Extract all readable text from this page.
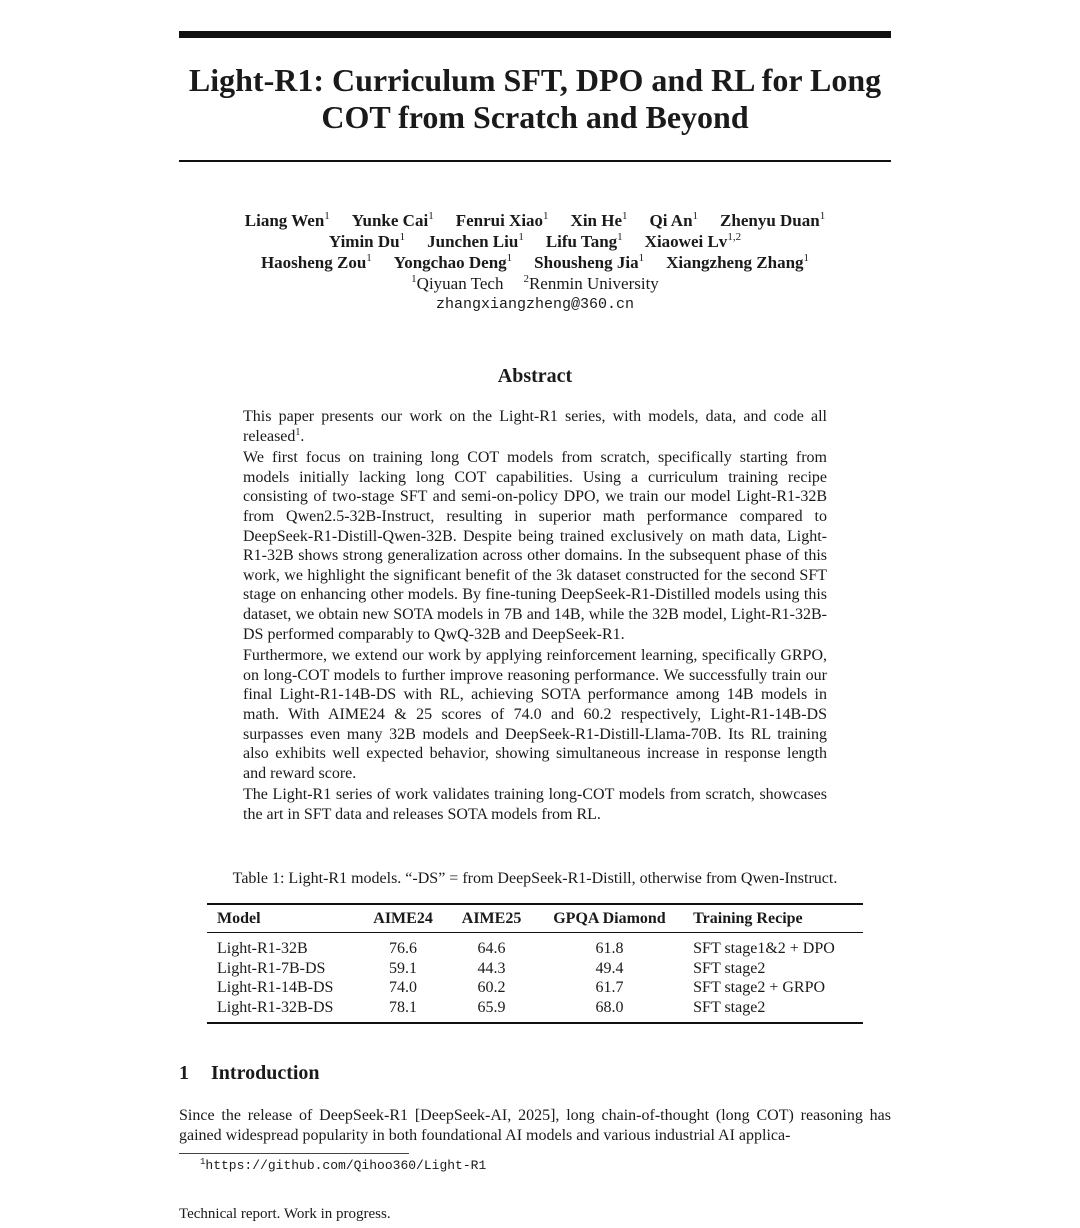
Light-R1: Curriculum SFT, DPO and RL for Long
COT from Scratch and Beyond
Liang Wen$^1$ Yunke Cai$^1$ Fenrui Xiao$^1$ Xin He$^1$ Qi An$^1$ Zhenyu Duan$^1$
Yimin Du$^1$ Junchen Liu$^1$ Lifu Tang$^1$ Xiaowei Lv$^{1,2}$
Haosheng Zou$^1$ Yongchao Deng$^1$ Shousheng Jia$^1$ Xiangzheng Zhang$^1$
$^1$Qiyuan Tech $^2$Renmin University
zhangxiangzheng@360.cn
Abstract

This paper presents our work on the Light-R1 series, with models, data, and code all released$^1$.

We first focus on training long COT models from scratch, specifically starting from models initially lacking long COT capabilities. Using a curriculum training recipe consisting of two-stage SFT and semi-on-policy DPO, we train our model Light-R1-32B from Qwen2.5-32B-Instruct, resulting in superior math performance compared to DeepSeek-R1-Distill-Qwen-32B. Despite being trained exclusively on math data, Light-R1-32B shows strong generalization across other domains. In the subsequent phase of this work, we highlight the significant benefit of the 3k dataset constructed for the second SFT stage on enhancing other models. By fine-tuning DeepSeek-R1-Distilled models using this dataset, we obtain new SOTA models in 7B and 14B, while the 32B model, Light-R1-32B-DS performed comparably to QwQ-32B and DeepSeek-R1.

Furthermore, we extend our work by applying reinforcement learning, specifically GRPO, on long-COT models to further improve reasoning performance. We successfully train our final Light-R1-14B-DS with RL, achieving SOTA performance among 14B models in math. With AIME24 & 25 scores of 74.0 and 60.2 respectively, Light-R1-14B-DS surpasses even many 32B models and DeepSeek-R1-Distill-Llama-70B. Its RL training also exhibits well expected behavior, showing simultaneous increase in response length and reward score.

The Light-R1 series of work validates training long-COT models from scratch, showcases the art in SFT data and releases SOTA models from RL.

Table 1: Light-R1 models. “-DS” = from DeepSeek-R1-Distill, otherwise from Qwen-Instruct.
Model	AIME24	AIME25	GPQA Diamond	Training Recipe
Light-R1-32B	76.6	64.6	61.8	SFT stage1&2 + DPO
Light-R1-7B-DS	59.1	44.3	49.4	SFT stage2
Light-R1-14B-DS	74.0	60.2	61.7	SFT stage2 + GRPO
Light-R1-32B-DS	78.1	65.9	68.0	SFT stage2
1 Introduction

Since the release of DeepSeek-R1 [DeepSeek-AI, 2025], long chain-of-thought (long COT) reasoning has gained widespread popularity in both foundational AI models and various industrial AI applica-

$^1$https://github.com/Qihoo360/Light-R1
Technical report. Work in progress.
